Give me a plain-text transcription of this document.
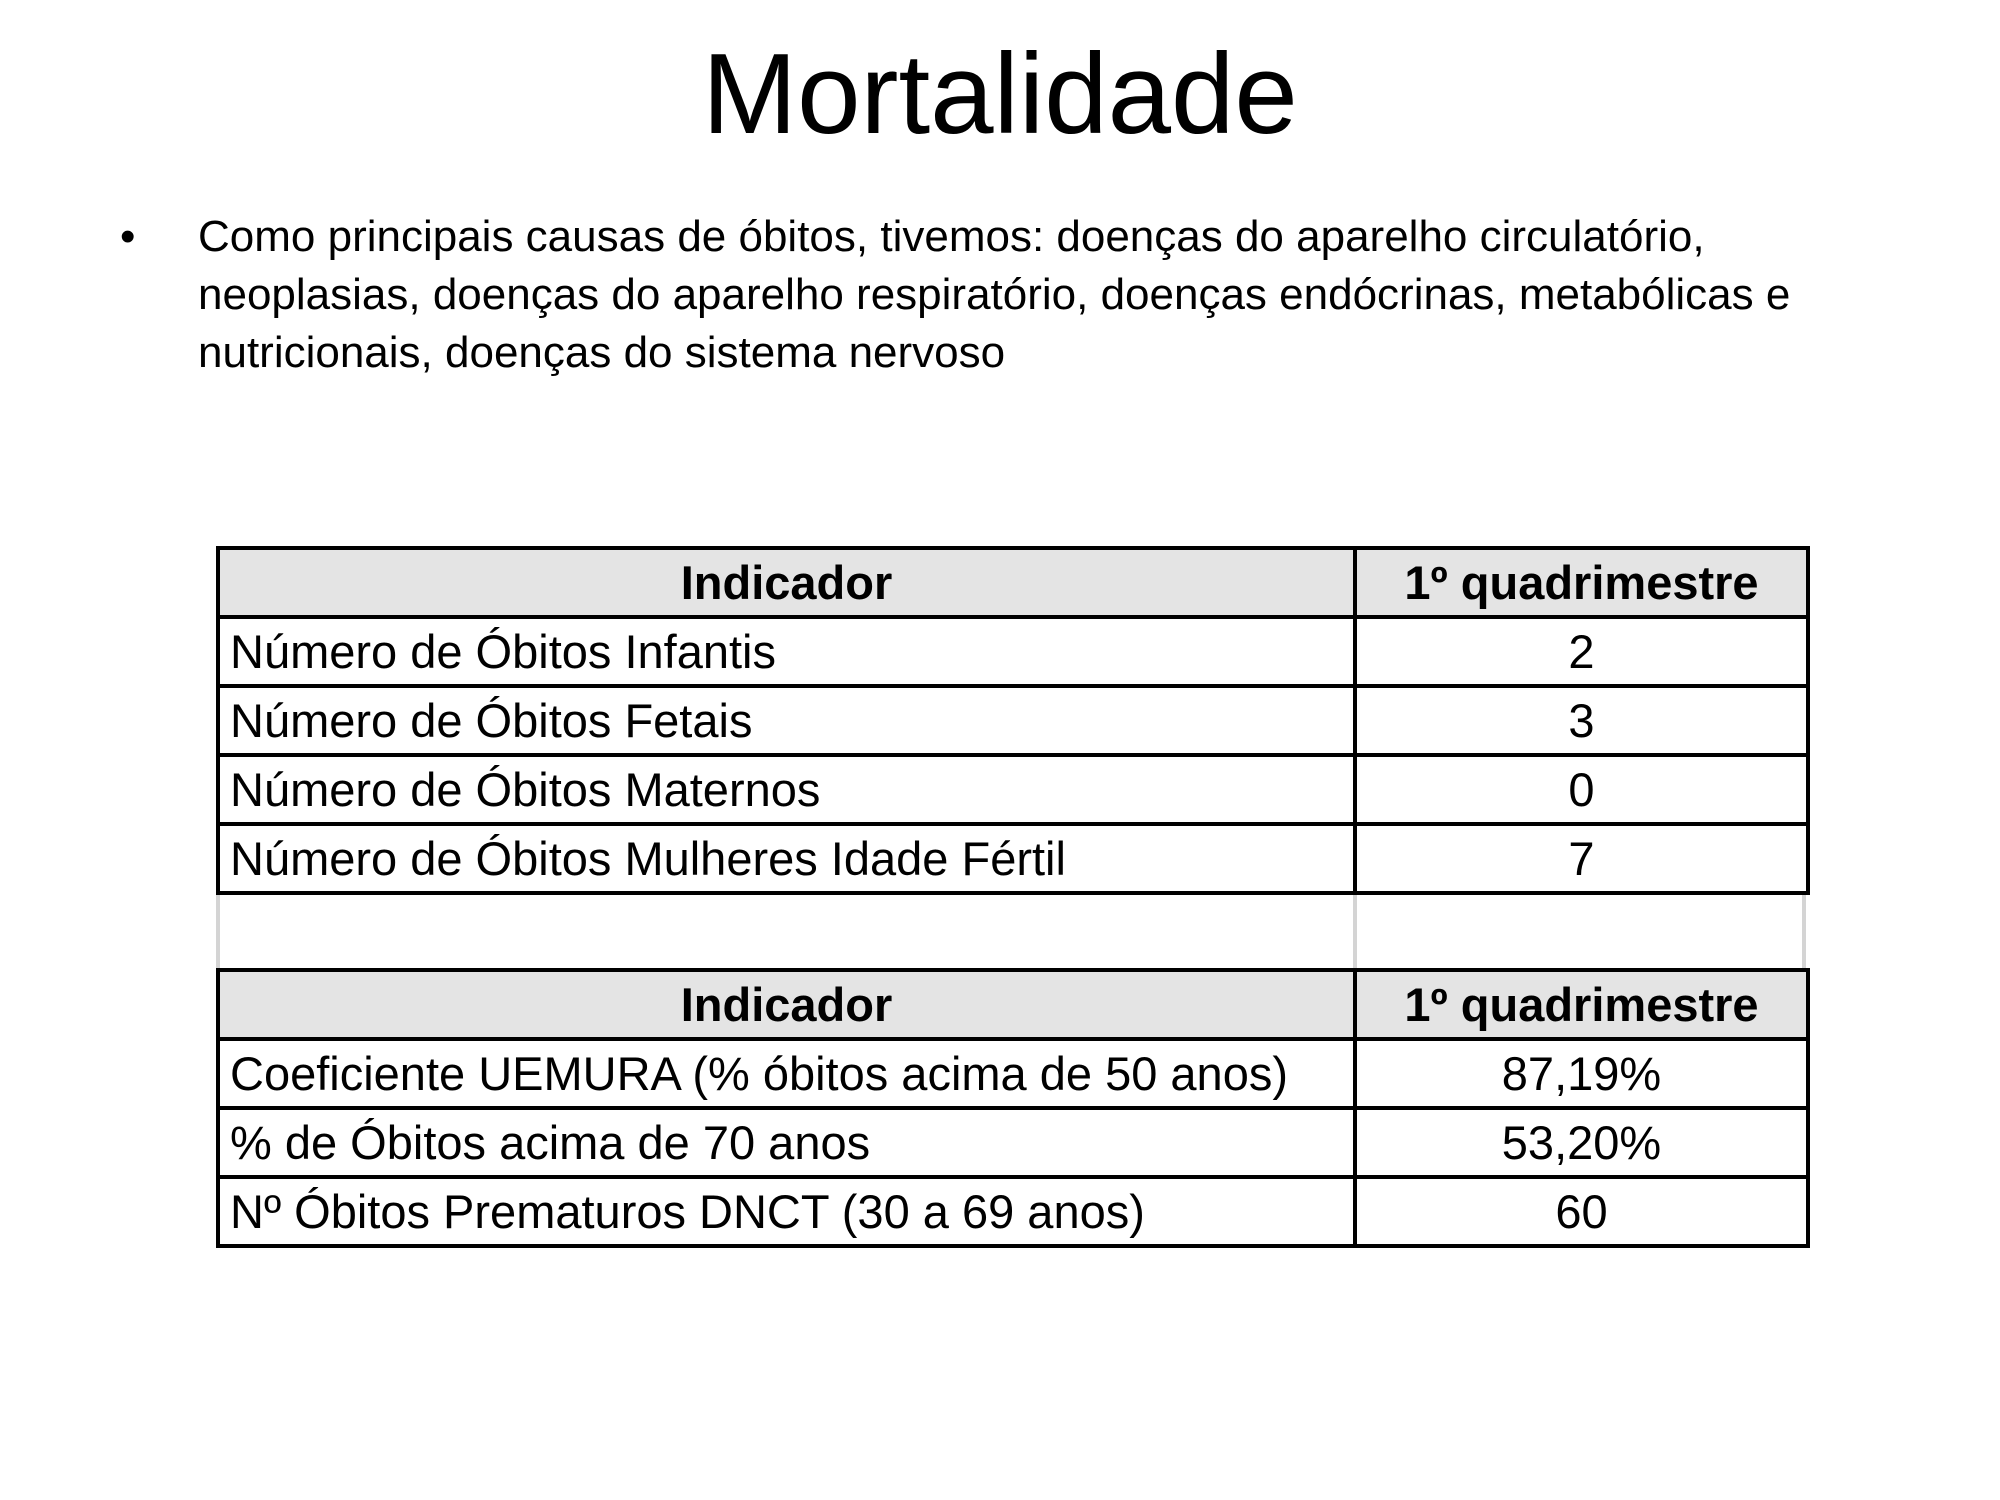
Mortalidade
•	Como principais causas de óbitos, tivemos: doenças do aparelho circulatório, neoplasias, doenças do aparelho respiratório, doenças endócrinas, metabólicas e nutricionais, doenças do sistema nervoso
Indicador	1º quadrimestre
Número de Óbitos Infantis	2
Número de Óbitos Fetais	3
Número de Óbitos Maternos	0
Número de Óbitos Mulheres Idade Fértil	7
Indicador	1º quadrimestre
Coeficiente UEMURA (% óbitos acima de 50 anos)	87,19%
% de Óbitos acima de 70 anos	53,20%
Nº Óbitos Prematuros DNCT (30 a 69 anos)	60
